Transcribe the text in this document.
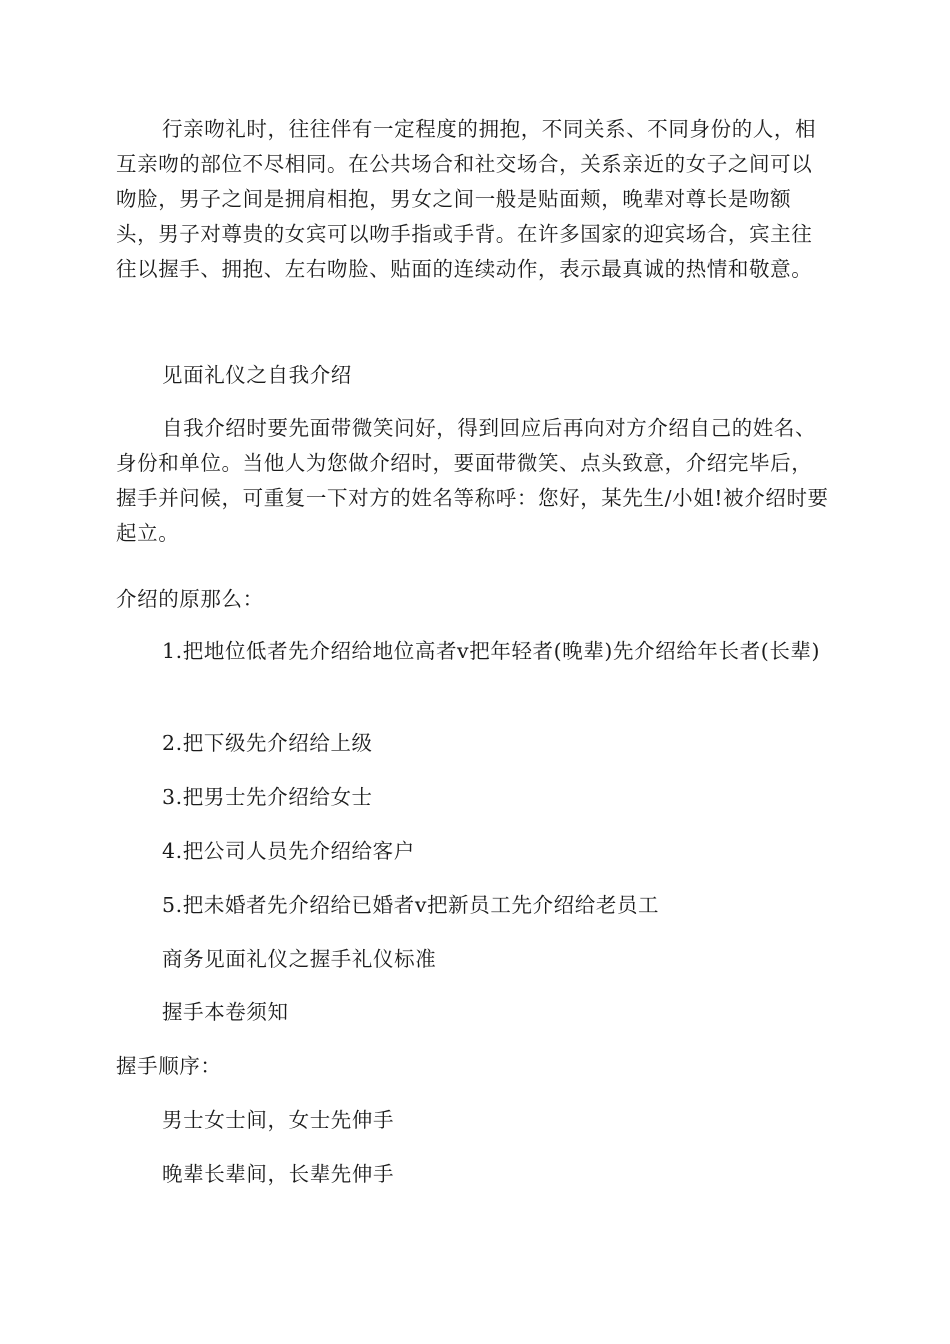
行亲吻礼时，往往伴有一定程度的拥抱，不同关系、不同身份的人，相互亲吻的部位不尽相同。在公共场合和社交场合，关系亲近的女子之间可以吻脸，男子之间是拥肩相抱，男女之间一般是贴面颊，晚辈对尊长是吻额头，男子对尊贵的女宾可以吻手指或手背。在许多国家的迎宾场合，宾主往往以握手、拥抱、左右吻脸、贴面的连续动作，表示最真诚的热情和敬意。

见面礼仪之自我介绍

自我介绍时要先面带微笑问好，得到回应后再向对方介绍自己的姓名、身份和单位。当他人为您做介绍时，要面带微笑、点头致意，介绍完毕后，握手并问候，可重复一下对方的姓名等称呼：您好，某先生/小姐!被介绍时要起立。

介绍的原那么：

1.把地位低者先介绍给地位高者v把年轻者(晚辈)先介绍给年长者(长辈)

2.把下级先介绍给上级

3.把男士先介绍给女士

4.把公司人员先介绍给客户

5.把未婚者先介绍给已婚者v把新员工先介绍给老员工

商务见面礼仪之握手礼仪标准

握手本卷须知

握手顺序：

男士女士间，女士先伸手

晚辈长辈间，长辈先伸手
